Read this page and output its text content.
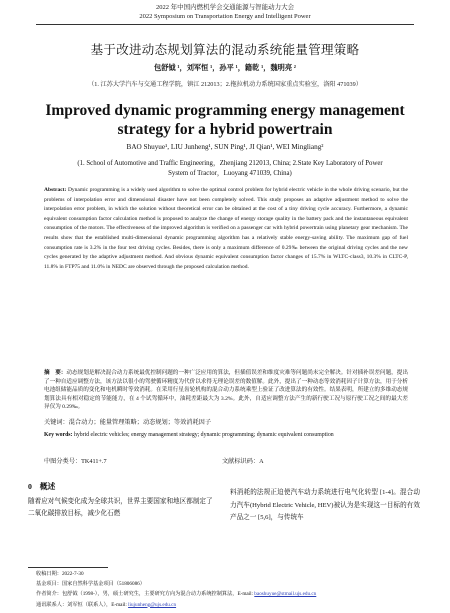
2022 年中国内燃机学会交通能源与智能动力大会
2022 Symposium on Transportation Energy and Intelligent Power
基于改进动态规划算法的混动系统能量管理策略
包舒钺 ¹，刘军恒 ¹，孙平 ¹，籍乾 ¹，魏明亮 ²
（1. 江苏大学汽车与交通工程学院，镇江 212013；2.拖拉机动力系统国家重点实验室，洛阳 471039）
Improved dynamic programming energy management
strategy for a hybrid powertrain
BAO Shuyue¹, LIU Junheng¹, SUN Ping¹, JI Qian¹, WEI Mingliang²
(1. School of Automotive and Traffic Engineering，Zhenjiang 212013, China; 2.State Key Laboratory of Power System of Tractor，Luoyang 471039, China)

Abstract: Dynamic programming is a widely used algorithm to solve the optimal control problem for hybrid electric vehicle in the whole driving scenario, but the problems of interpolation error and dimensional disaster have not been completely solved. This study proposes an adaptive adjustment method to solve the interpolation error problem, in which the solution without theoretical error can be obtained at the cost of a tiny driving cycle accuracy. Furthermore, a dynamic equivalent consumption factor calculation method is proposed to analyze the change of energy storage quality in the battery pack and the instantaneous equivalent consumption of the motors. The effectiveness of the improved algorithm is verified on a passenger car with hybrid powertrain using planetary gear mechanism. The results show that the established multi-dimensional dynamic programming algorithm has a relatively stable energy-saving ability. The maximum gap of fuel consumption rate is 3.2% in the four test driving cycles. Besides, there is only a maximum difference of 0.29‰ between the original driving cycles and the new cycles generated by the adaptive adjustment method. And obvious dynamic equivalent consumption factor changes of 15.7% in WLTC-class3, 10.3% in CLTC-P, 11.8% in FTP75 and 11.0% in NEDC are observed through the proposed calculation method.

摘　要：动态规划是解决混合动力系统最优控制问题的一种广泛应用的算法，但插值误差和维度灾难等问题尚未完全解决。针对插补误差问题，提出了一种自适应调整方法，该方法以很小的驾驶循环精度为代价以求得无理论误差的数值解。此外，提出了一种动态等效消耗因子计算方法，用于分析电池组储能品质的变化和电机瞬时等效消耗。在采用行星齿轮机构的混合动力系统乘型上验证了改进算法的有效性。结果表明，所建立的多维动态规划算法具有相对稳定的节能能力，在 4 个试驾循环中，油耗差距最大为 3.2%。此外，自适应调整方法产生的新行驶工况与原行驶工况之间的最大差异仅为 0.29‰。

关键词：混合动力；能量管理策略；动态规划；等效消耗因子

Key words: hybrid electric vehicles; energy management strategy; dynamic programming; dynamic equivalent consumption

中图分类号：TK411+.7	文献标识码：A
0　概述
随着应对气候变化成为全球共识，世界主要国家和地区都制定了二氧化碳排放目标，减少化石燃
料消耗的法规正迫使汽车动力系统进行电气化转型 [1-4]。混合动力汽车(Hybrid Electric Vehicle, HEV)被认为是实现这一目标的有效产品之一 [5,6]，与传统车
收稿日期：2022-7-30
基金项目：国家自然科学基金项目（51806086）
作者简介：包舒钺（1998-），男，硕士研究生，主要研究方向为混合动力系统控制算法，E-mail: baoshuyue@stmail.ujs.edu.cn
通讯联系人：刘军恒（联系人），E-mail: liujunheng@ujs.edu.cn
